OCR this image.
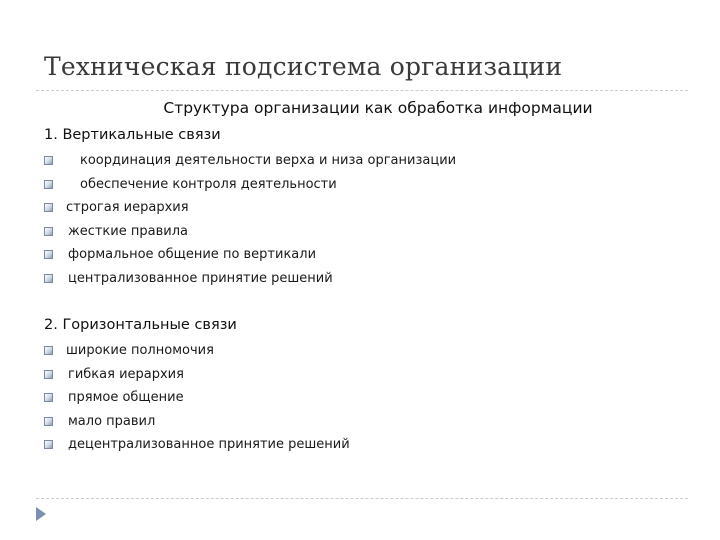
Техническая подсистема организации
Структура организации как обработка информации
1. Вертикальные связи
координация деятельности верха и низа организации
обеспечение контроля деятельности
строгая иерархия
жесткие правила
формальное общение по вертикали
централизованное принятие решений
2. Горизонтальные связи
широкие полномочия
гибкая иерархия
прямое общение
мало правил
децентрализованное принятие решений
